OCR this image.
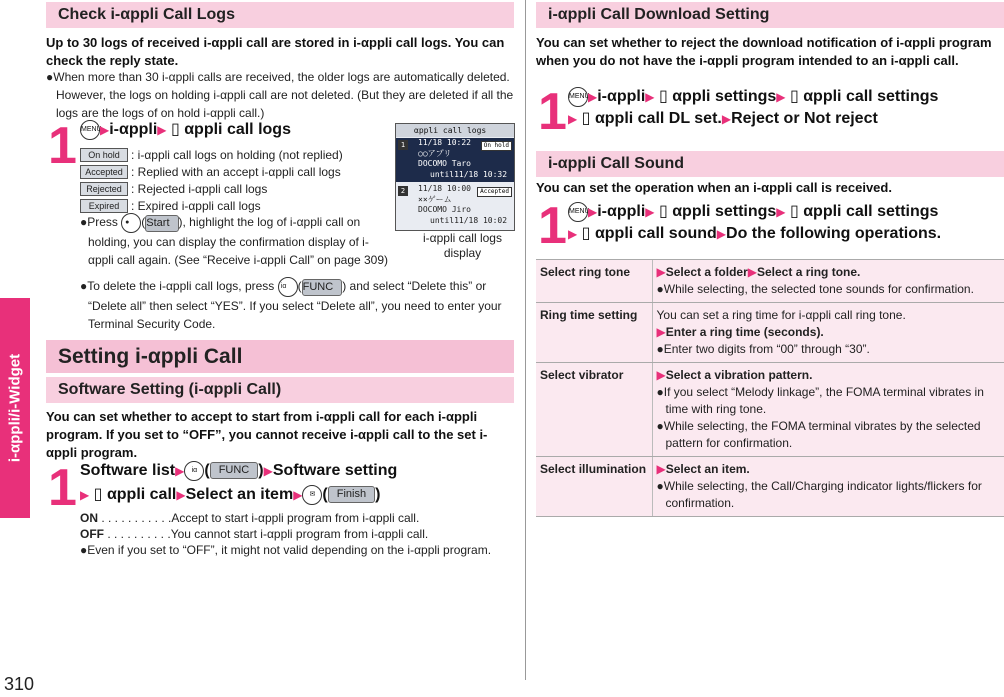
i-αppli/i-Widget
310
Check i-αppli Call Logs
Up to 30 logs of received i-αppli call are stored in i-αppli call logs. You can check the reply state.
●When more than 30 i-αppli calls are received, the older logs are automatically deleted. However, the logs on holding i-αppli call are not deleted. (But they are deleted if all the logs are the logs of on hold i-αppli call.)
1 MENU▶i-αppli▶ ▯ αppli call logs
On hold : i-αppli call logs on holding (not replied)
Accepted : Replied with an accept i-αppli call logs
Rejected : Rejected i-αppli call logs
Expired : Expired i-αppli call logs
●Press ● (Start ), highlight the log of i-αppli call on holding, you can display the confirmation display of i-αppli call again. (See “Receive i-αppli Call” on page 309)
●To delete the i-αppli call logs, press iα (FUNC ) and select “Delete this” or “Delete all” then select “YES”. If you select “Delete all”, you need to enter your Terminal Security Code.
αppli call logs
1	On hold
11/18 10:22
○○アプリ
DOCOMO Taro
until11/18 10:32
2	Accepted
11/18 10:00
××ゲーム
DOCOMO Jiro
until11/18 10:02
i-αppli call logs display
Setting i-αppli Call
Software Setting (i-αppli Call)
You can set whether to accept to start from i-αppli call for each i-αppli program. If you set to “OFF”, you cannot receive i-αppli call to the set i-αppli program.
1 Software list▶ iα ( FUNC )▶Software setting
▶ ▯ αppli call▶Select an item▶ ✉ ( Finish )
ON . . . . . . . . . . .Accept to start i-αppli program from i-αppli call.
OFF . . . . . . . . . .You cannot start i-αppli program from i-αppli call.
●Even if you set to “OFF”, it might not valid depending on the i-αppli program.
i-αppli Call Download Setting
You can set whether to reject the download notification of i-αppli program when you do not have the i-αppli program intended to an i-αppli call.
1 MENU▶i-αppli▶ ▯ αppli settings▶ ▯ αppli call settings
▶ ▯ αppli call DL set.▶Reject or Not reject
i-αppli Call Sound
You can set the operation when an i-αppli call is received.
1 MENU▶i-αppli▶ ▯ αppli settings▶ ▯ αppli call settings
▶ ▯ αppli call sound▶Do the following operations.
Select ring tone	▶Select a folder▶Select a ring tone.
●While selecting, the selected tone sounds for confirmation.

Ring time setting	You can set a ring time for i-αppli call ring tone.
▶Enter a ring time (seconds).
●Enter two digits from “00” through “30”.

Select vibrator	▶Select a vibration pattern.
●If you select “Melody linkage”, the FOMA terminal vibrates in time with ring tone.
●While selecting, the FOMA terminal vibrates by the selected pattern for confirmation.

Select illumination	▶Select an item.
●While selecting, the Call/Charging indicator lights/flickers for confirmation.
